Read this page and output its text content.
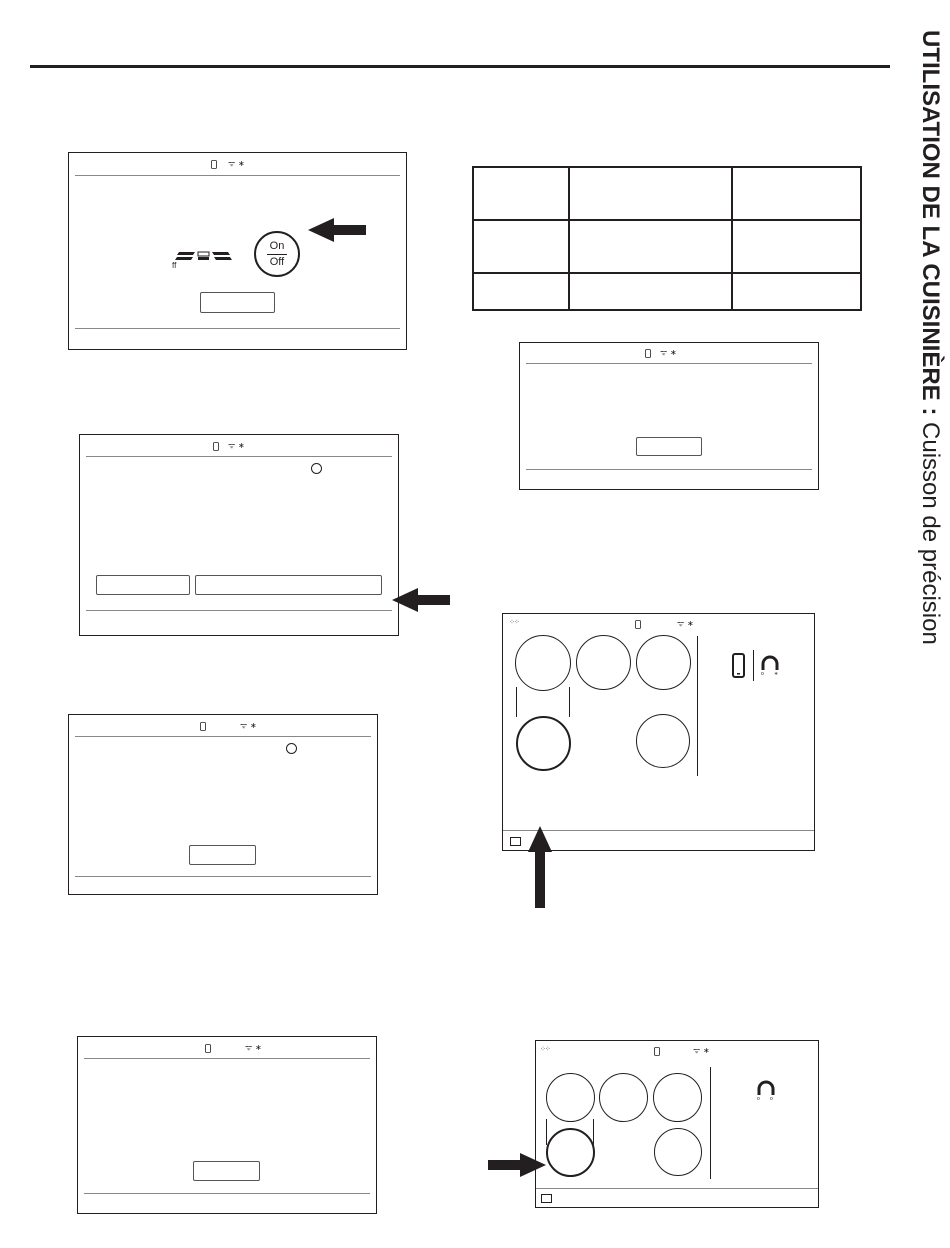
UTILISATION DE LA CUISINIÈRE : Cuisson de précision
ᯤ ∗
On
Off
ff

ᯤ ∗
ᯤ ∗
ᯤ ∗
ᯤ ∗
⁘⁘	ᯤ ∗
o ∗
⁘⁘	ᯤ ∗
o o
